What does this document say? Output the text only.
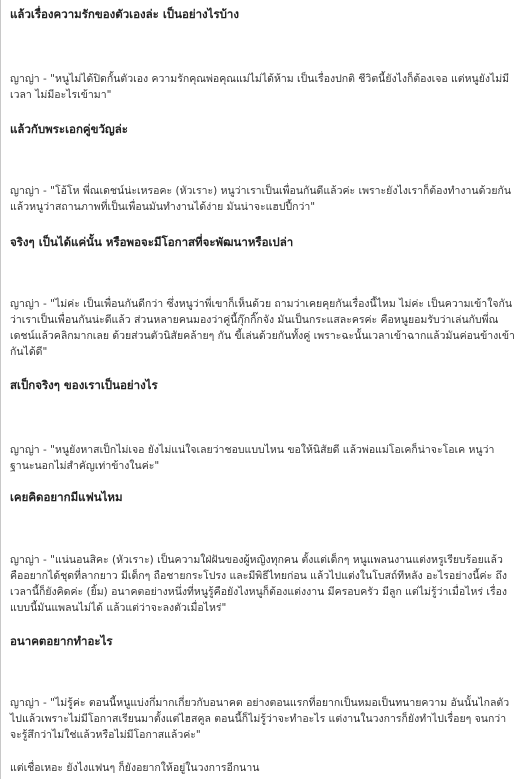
แล้วเรื่องความรักของตัวเองล่ะ เป็นอย่างไรบ้าง
ญาญ่า - "หนูไม่ได้ปิดกั้นตัวเอง ความรักคุณพ่อคุณแม่ไม่ได้ห้าม เป็นเรื่องปกติ ชีวิตนี้ยังไงก็ต้องเจอ แต่หนูยังไม่มีเวลา ไม่มีอะไรเข้ามา"
แล้วกับพระเอกคู่ขวัญล่ะ
ญาญ่า - "โอ้โห พี่ณเดชน์น่ะเหรอคะ (หัวเราะ) หนูว่าเราเป็นเพื่อนกันดีแล้วค่ะ เพราะยังไงเราก็ต้องทำงานด้วยกัน แล้วหนูว่าสถานภาพที่เป็นเพื่อนมันทำงานได้ง่าย มันน่าจะแฮปปี้กว่า"
จริงๆ เป็นได้แค่นั้น หรือพอจะมีโอกาสที่จะพัฒนาหรือเปล่า
ญาญ่า - "ไม่ค่ะ เป็นเพื่อนกันดีกว่า ซึ่งหนูว่าพี่เขาก็เห็นด้วย ถามว่าเคยคุยกันเรื่องนี้ไหม ไม่ค่ะ เป็นความเข้าใจกันว่าเราเป็นเพื่อนกันน่ะดีแล้ว ส่วนหลายคนมองว่าคู่นี้กุ๊กกิ๊กจัง มันเป็นกระแสละครค่ะ คือหนูยอมรับว่าเล่นกับพี่ณเดชน์แล้วคลิกมากเลย ด้วยส่วนตัวนิสัยคล้ายๆ กัน ขี้เล่นด้วยกันทั้งคู่ เพราะฉะนั้นเวลาเข้าฉากแล้วมันค่อนข้างเข้ากันได้ดี"
สเป็กจริงๆ ของเราเป็นอย่างไร
ญาญ่า - "หนูยังหาสเป็กไม่เจอ ยังไม่แน่ใจเลยว่าชอบแบบไหน ขอให้นิสัยดี แล้วพ่อแม่โอเคก็น่าจะโอเค หนูว่าฐานะนอกไม่สำคัญเท่าข้างในค่ะ"
เคยคิดอยากมีแฟนไหม
ญาญ่า - "แน่นอนสิคะ (หัวเราะ) เป็นความใฝ่ฝันของผู้หญิงทุกคน ตั้งแต่เด็กๆ หนูแพลนงานแต่งหรูเรียบร้อยแล้ว คืออยากได้ชุดที่ลากยาว มีเด็กๆ ถือชายกระโปรง และมีพิธีไทยก่อน แล้วไปแต่งในโบสถ์ทีหลัง อะไรอย่างนี้ค่ะ ถึงเวลานี้ก็ยังคิดค่ะ (ยิ้ม) อนาคตอย่างหนึ่งที่หนูรู้คือยังไงหนูก็ต้องแต่งงาน มีครอบครัว มีลูก แต่ไม่รู้ว่าเมื่อไหร่ เรื่องแบบนี้มันแพลนไม่ได้ แล้วแต่ว่าจะลงตัวเมื่อไหร่"
อนาคตอยากทำอะไร
ญาญ่า - "ไม่รู้ค่ะ ตอนนี้หนูแบ่งกึ่มากเกี่ยวกับอนาคต อย่างตอนแรกที่อยากเป็นหมอเป็นทนายความ อันนั้นไกลตัวไปแล้วเพราะไม่มีโอกาสเรียนมาตั้งแต่ไฮสคูล ตอนนี้ก็ไม่รู้ว่าจะทำอะไร แต่งานในวงการก็ยังทำไปเรื่อยๆ จนกว่าจะรู้สึกว่าไม่ใช่แล้วหรือไม่มีโอกาสแล้วค่ะ"
แต่เชื่อเหอะ ยังไงแฟนๆ ก็ยังอยากให้อยู่ในวงการอีกนาน
